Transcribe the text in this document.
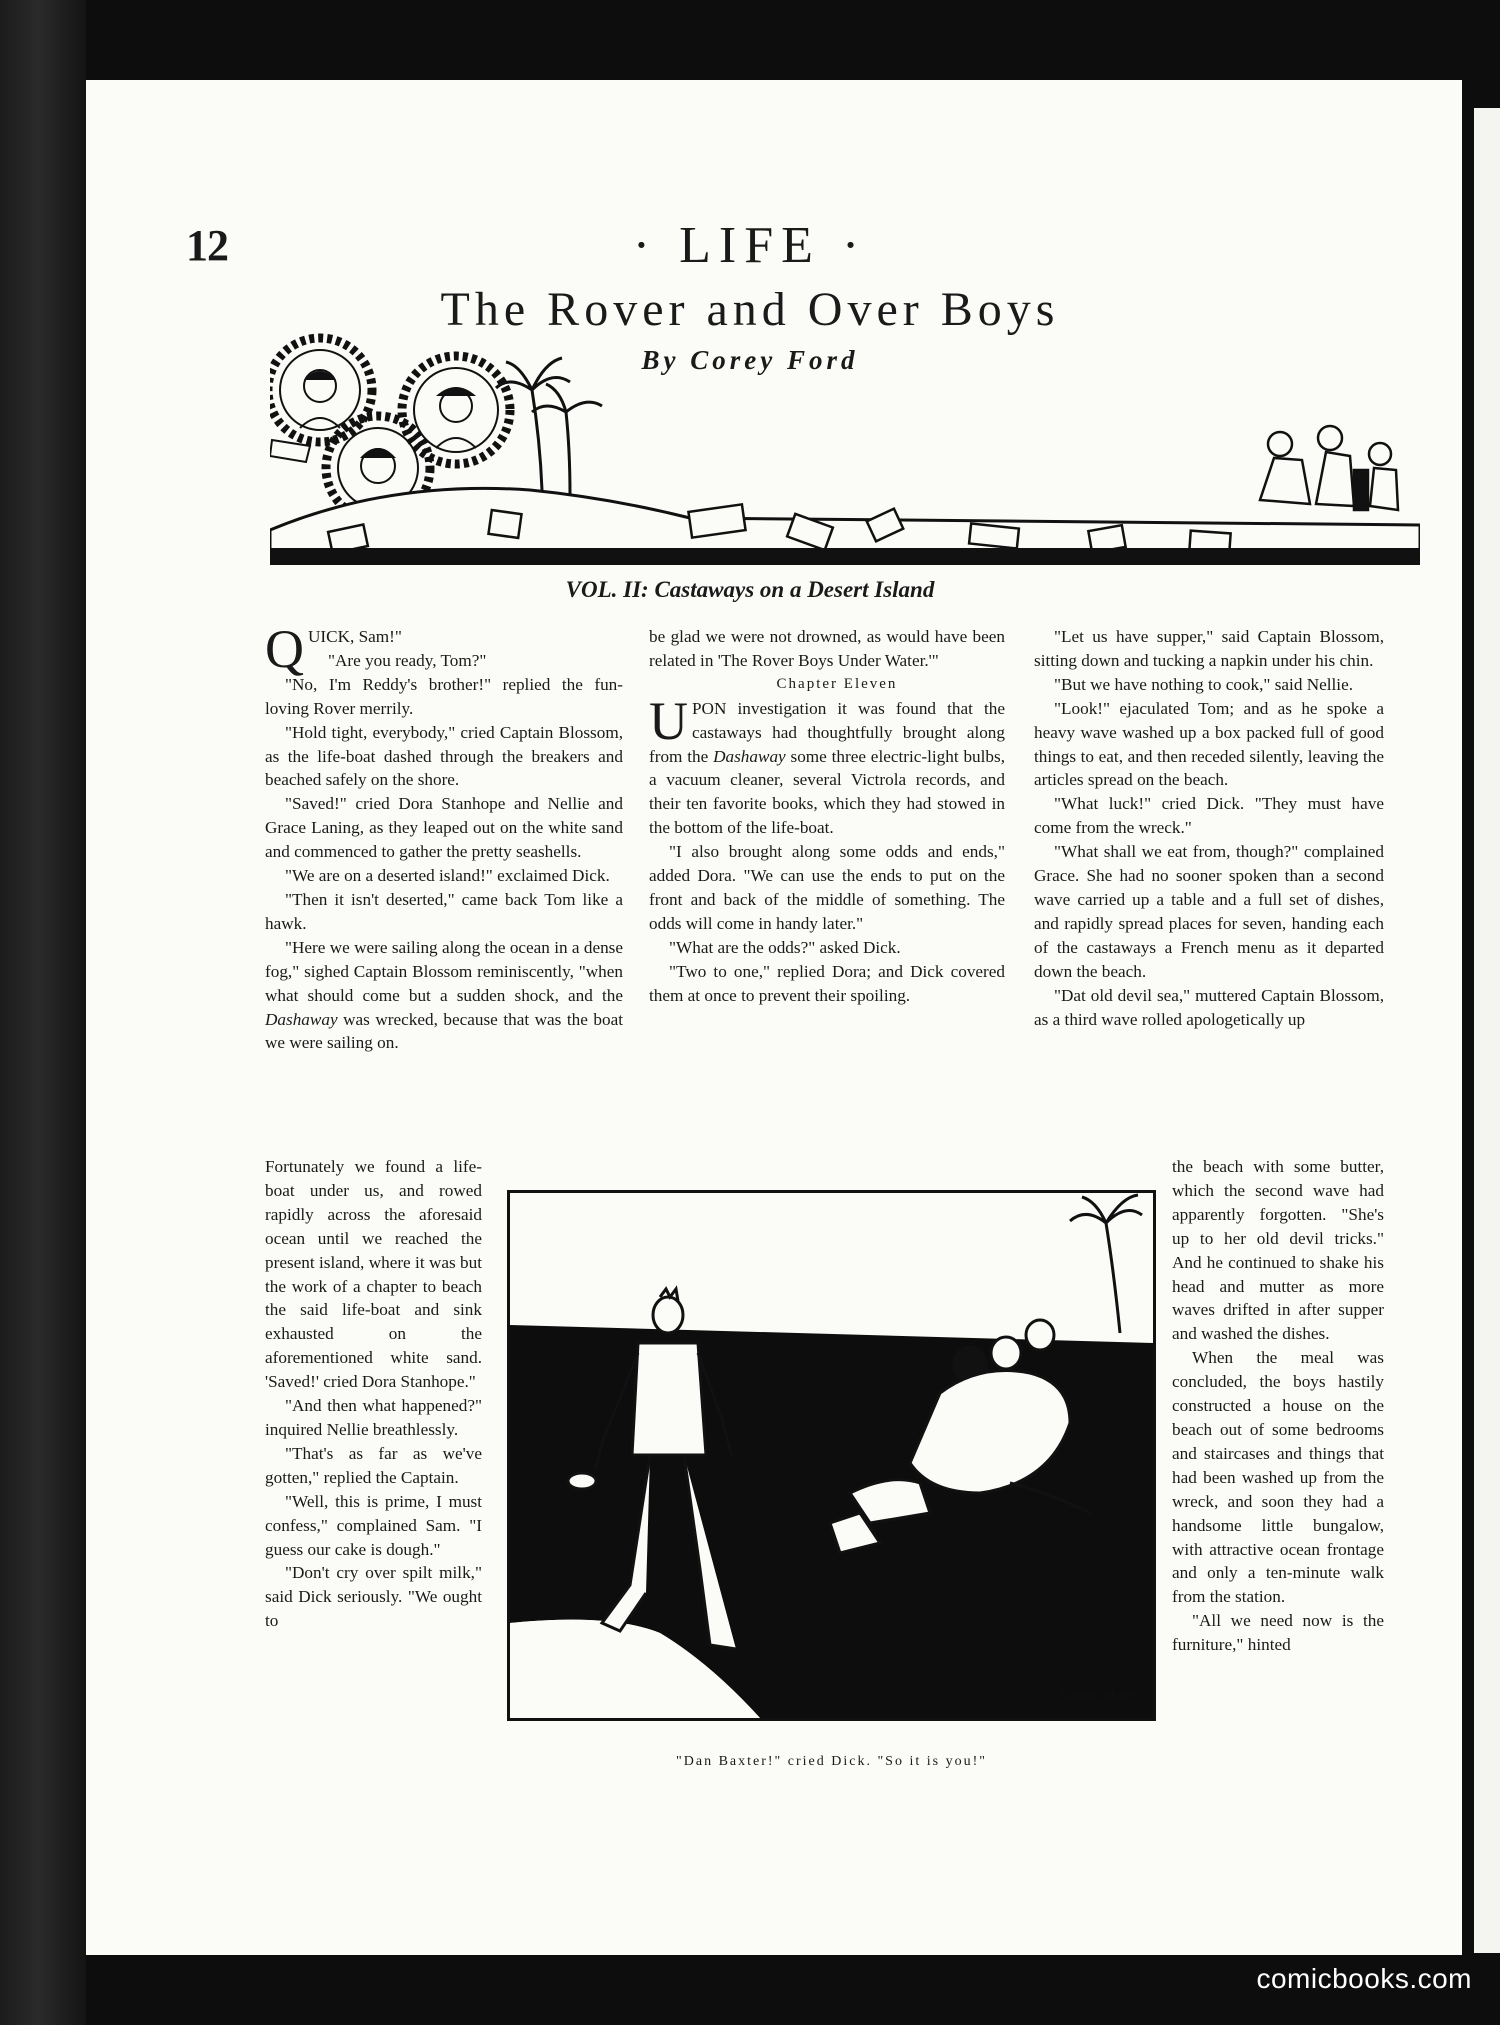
12	· LIFE ·
The Rover and Over Boys
By Corey Ford
VOL. II: Castaways on a Desert Island

QUICK, Sam!"

"Are you ready, Tom?"

"No, I'm Reddy's brother!" replied the fun-loving Rover merrily.

"Hold tight, everybody," cried Captain Blossom, as the life-boat dashed through the breakers and beached safely on the shore.

"Saved!" cried Dora Stanhope and Nellie and Grace Laning, as they leaped out on the white sand and commenced to gather the pretty seashells.

"We are on a deserted island!" exclaimed Dick.

"Then it isn't deserted," came back Tom like a hawk.

"Here we were sailing along the ocean in a dense fog," sighed Captain Blossom reminiscently, "when what should come but a sudden shock, and the Dashaway was wrecked, because that was the boat we were sailing on.

Fortunately we found a life-boat under us, and rowed rapidly across the aforesaid ocean until we reached the present island, where it was but the work of a chapter to beach the said life-boat and sink exhausted on the aforementioned white sand. 'Saved!' cried Dora Stanhope."

"And then what happened?" inquired Nellie breathlessly.

"That's as far as we've gotten," replied the Captain.

"Well, this is prime, I must confess," complained Sam. "I guess our cake is dough."

"Don't cry over spilt milk," said Dick seriously. "We ought to

be glad we were not drowned, as would have been related in 'The Rover Boys Under Water.'"

Chapter Eleven

UPON investigation it was found that the castaways had thoughtfully brought along from the Dashaway some three electric-light bulbs, a vacuum cleaner, several Victrola records, and their ten favorite books, which they had stowed in the bottom of the life-boat.

"I also brought along some odds and ends," added Dora. "We can use the ends to put on the front and back of the middle of something. The odds will come in handy later."

"What are the odds?" asked Dick.

"Two to one," replied Dora; and Dick covered them at once to prevent their spoiling.

"Let us have supper," said Captain Blossom, sitting down and tucking a napkin under his chin.

"But we have nothing to cook," said Nellie.

"Look!" ejaculated Tom; and as he spoke a heavy wave washed up a box packed full of good things to eat, and then receded silently, leaving the articles spread on the beach.

"What luck!" cried Dick. "They must have come from the wreck."

"What shall we eat from, though?" complained Grace. She had no sooner spoken than a second wave carried up a table and a full set of dishes, and rapidly spread places for seven, handing each of the castaways a French menu as it departed down the beach.

"Dat old devil sea," muttered Captain Blossom, as a third wave rolled apologetically up

the beach with some butter, which the second wave had apparently forgotten. "She's up to her old devil tricks." And he continued to shake his head and mutter as more waves drifted in after supper and washed the dishes.

When the meal was concluded, the boys hastily constructed a house on the beach out of some bedrooms and staircases and things that had been washed up from the wreck, and soon they had a handsome little bungalow, with attractive ocean frontage and only a ten-minute walk from the station.

"All we need now is the furniture," hinted

Gluyas Williams
"Dan Baxter!" cried Dick. "So it is you!"
comicbooks.com
